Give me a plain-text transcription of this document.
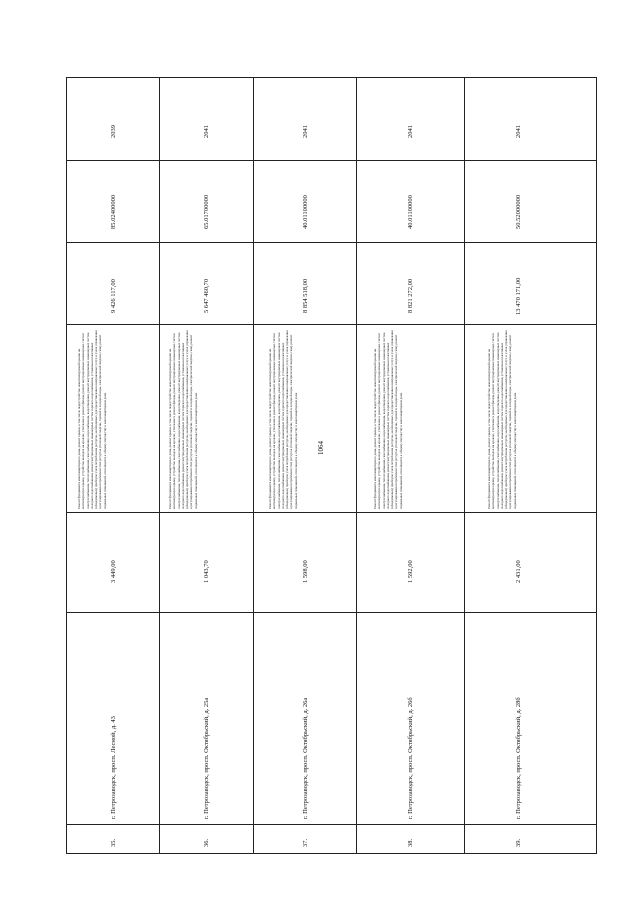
1064
2039
85.02400000
9 426 117,00
Ремонт фундамента многоквартирного дома, ремонт крыши, в том числе переустройство невентилируемой крыши на вентилируемую крышу, устройство выходов на кровлю, утепление и ремонт фасада, ремонт внутридомовых инженерных систем электроснабжения, теплоснабжения, газоснабжения, водоснабжения, водоотведения, ремонт внутридомовых инженерных систем холодного водоснабжения, ремонт внутридомовых инженерных систем горячего водоснабжения, установка коллективных (общедомовых) приборов учета потребления ресурсов, необходимых для предоставления коммунальных услуг, и узлов управления и регулирования потребления этих ресурсов (тепловой энергии, горячей и холодной воды, электрической энергии, газа), ремонт подвальных помещений, относящихся к общему имуществу в многоквартирном доме
3 449,00
г. Петрозаводск, просп. Лесной, д. 43
35.
2041
65.01700000
5 647 460,70
Ремонт фундамента многоквартирного дома, ремонт крыши, в том числе переустройство невентилируемой крыши на вентилируемую крышу, устройство выходов на кровлю, утепление и ремонт фасада, ремонт внутридомовых инженерных систем электроснабжения, теплоснабжения, газоснабжения, водоснабжения, водоотведения, ремонт внутридомовых инженерных систем холодного водоснабжения, ремонт внутридомовых инженерных систем горячего водоснабжения, установка коллективных (общедомовых) приборов учета потребления ресурсов, необходимых для предоставления коммунальных услуг, и узлов управления и регулирования потребления этих ресурсов (тепловой энергии, горячей и холодной воды, электрической энергии, газа), ремонт подвальных помещений, относящихся к общему имуществу в многоквартирном доме
1 043,70
г. Петрозаводск, просп. Октябрьский, д. 25а
36.
2041
40.01100000
8 854 518,00
Ремонт фундамента многоквартирного дома, ремонт крыши, в том числе переустройство невентилируемой крыши на вентилируемую крышу, устройство выходов на кровлю, утепление и ремонт фасада, ремонт внутридомовых инженерных систем электроснабжения, теплоснабжения, газоснабжения, водоснабжения, водоотведения, ремонт внутридомовых инженерных систем холодного водоснабжения, ремонт внутридомовых инженерных систем горячего водоснабжения, установка коллективных (общедомовых) приборов учета потребления ресурсов, необходимых для предоставления коммунальных услуг, и узлов управления и регулирования потребления этих ресурсов (тепловой энергии, горячей и холодной воды, электрической энергии, газа), ремонт подвальных помещений, относящихся к общему имуществу в многоквартирном доме
1 598,00
г. Петрозаводск, просп. Октябрьский, д. 26а
37.
2041
40.01100000
8 821 272,00
Ремонт фундамента многоквартирного дома, ремонт крыши, в том числе переустройство невентилируемой крыши на вентилируемую крышу, устройство выходов на кровлю, утепление и ремонт фасада, ремонт внутридомовых инженерных систем электроснабжения, теплоснабжения, газоснабжения, водоснабжения, водоотведения, ремонт внутридомовых инженерных систем холодного водоснабжения, ремонт внутридомовых инженерных систем горячего водоснабжения, установка коллективных (общедомовых) приборов учета потребления ресурсов, необходимых для предоставления коммунальных услуг, и узлов управления и регулирования потребления этих ресурсов (тепловой энергии, горячей и холодной воды, электрической энергии, газа), ремонт подвальных помещений, относящихся к общему имуществу в многоквартирном доме
1 592,00
г. Петрозаводск, просп. Октябрьский, д. 26б
38.
2041
50.52000000
13 470 171,00
Ремонт фундамента многоквартирного дома, ремонт крыши, в том числе переустройство невентилируемой крыши на вентилируемую крышу, устройство выходов на кровлю, утепление и ремонт фасада, ремонт внутридомовых инженерных систем электроснабжения, теплоснабжения, газоснабжения, водоснабжения, водоотведения, ремонт внутридомовых инженерных систем холодного водоснабжения, ремонт внутридомовых инженерных систем горячего водоснабжения, установка коллективных (общедомовых) приборов учета потребления ресурсов, необходимых для предоставления коммунальных услуг, и узлов управления и регулирования потребления этих ресурсов (тепловой энергии, горячей и холодной воды, электрической энергии, газа), ремонт подвальных помещений, относящихся к общему имуществу в многоквартирном доме
2 431,00
г. Петрозаводск, просп. Октябрьский, д. 28б
39.
